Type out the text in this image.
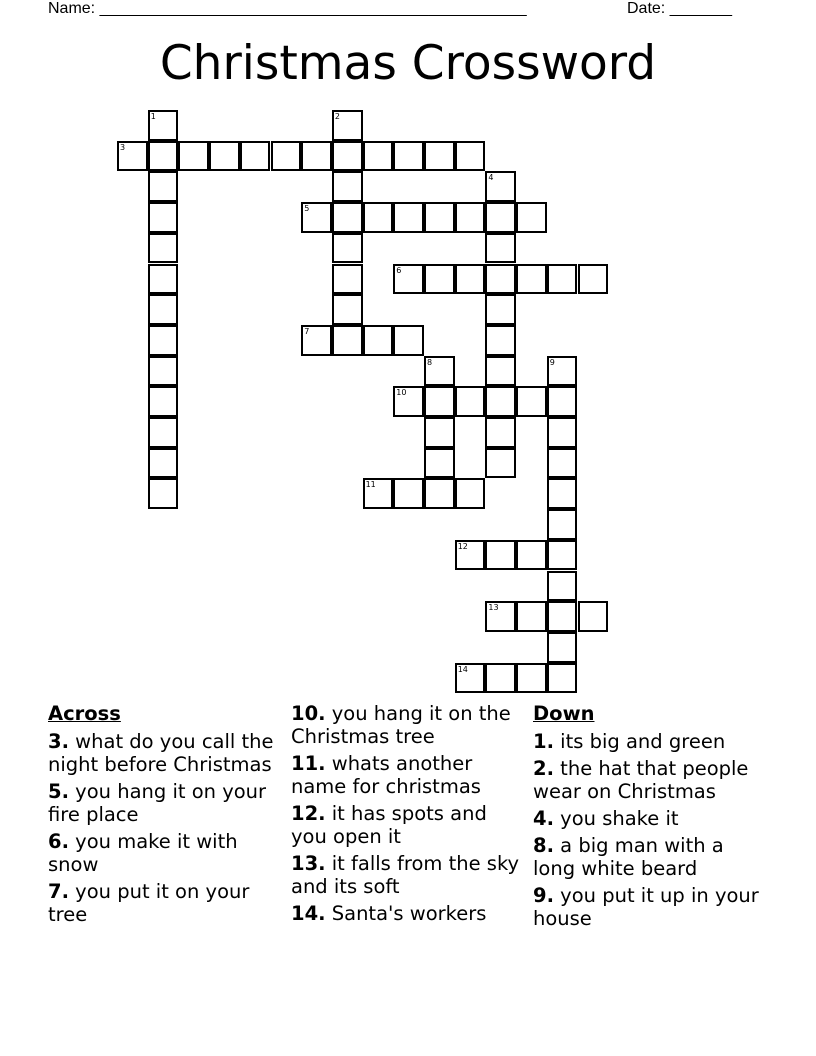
Name: ________________________________________________	Date: _______
Christmas Crossword
1	2
3
4
5
6
7
8	9
10
11
12
13
14
Across
3. what do you call the night before Christmas
5. you hang it on your fire place
6. you make it with snow
7. you put it on your tree
10. you hang it on the Christmas tree
11. whats another name for christmas
12. it has spots and you open it
13. it falls from the sky and its soft
14. Santa's workers
Down
1. its big and green
2. the hat that people wear on Christmas
4. you shake it
8. a big man with a long white beard
9. you put it up in your house
